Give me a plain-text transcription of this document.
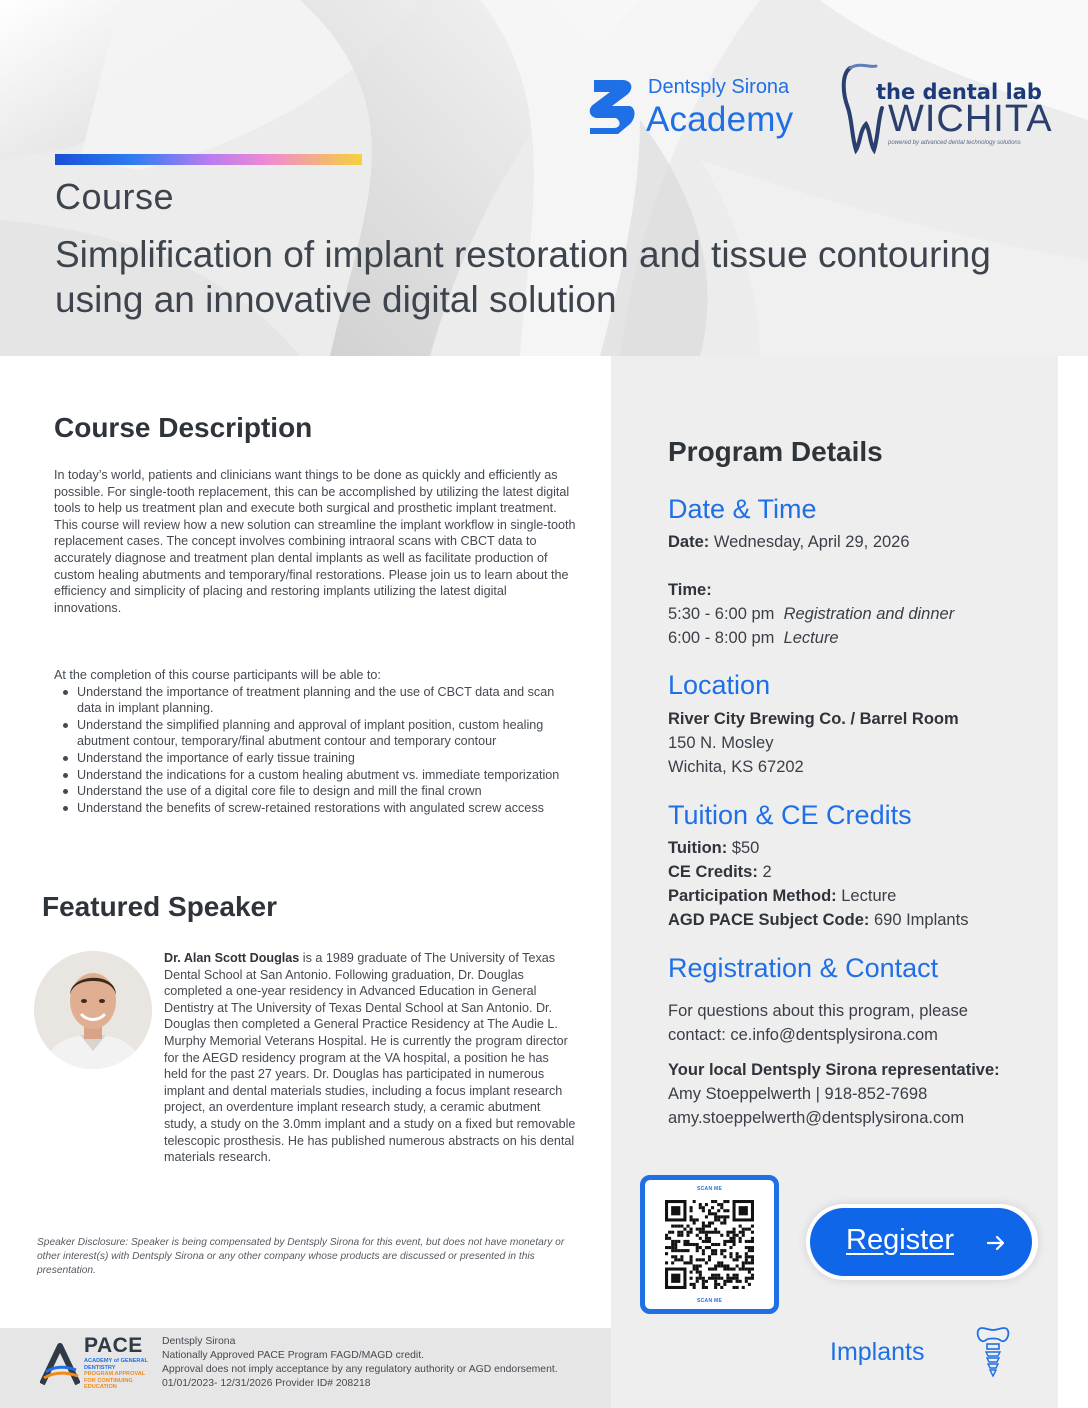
Dentsply Sirona
Academy
the dental lab
WICHITA
powered by advanced dental technology solutions
Course
Simplification of implant restoration and tissue contouring using an innovative digital solution
Course Description

In today’s world, patients and clinicians want things to be done as quickly and efficiently as possible. For single-tooth replacement, this can be accomplished by utilizing the latest digital tools to help us treatment plan and execute both surgical and prosthetic implant treatment. This course will review how a new solution can streamline the implant workflow in single-tooth replacement cases. The concept involves combining intraoral scans with CBCT data to accurately diagnose and treatment plan dental implants as well as facilitate production of custom healing abutments and temporary/final restorations. Please join us to learn about the efficiency and simplicity of placing and restoring implants utilizing the latest digital innovations.

At the completion of this course participants will be able to:
Understand the importance of treatment planning and the use of CBCT data and scan data in implant planning.
Understand the simplified planning and approval of implant position, custom healing abutment contour, temporary/final abutment contour and temporary contour
Understand the importance of early tissue training
Understand the indications for a custom healing abutment vs. immediate temporization
Understand the use of a digital core file to design and mill the final crown
Understand the benefits of screw-retained restorations with angulated screw access
Featured Speaker
Dr. Alan Scott Douglas is a 1989 graduate of The University of Texas Dental School at San Antonio. Following graduation, Dr. Douglas completed a one-year residency in Advanced Education in General Dentistry at The University of Texas Dental School at San Antonio. Dr. Douglas then completed a General Practice Residency at The Audie L. Murphy Memorial Veterans Hospital. He is currently the program director for the AEGD residency program at the VA hospital, a position he has held for the past 27 years. Dr. Douglas has participated in numerous implant and dental materials studies, including a focus implant research project, an overdenture implant research study, a ceramic abutment study, a study on the 3.0mm implant and a study on a fixed but removable telescopic prosthesis. He has published numerous abstracts on his dental materials research.
Speaker Disclosure: Speaker is being compensated by Dentsply Sirona for this event, but does not have monetary or other interest(s) with Dentsply Sirona or any other company whose products are discussed or presented in this presentation.
Program Details
Date & Time
Date: Wednesday, April 29, 2026
Time:
5:30 - 6:00 pm Registration and dinner
6:00 - 8:00 pm Lecture
Location
River City Brewing Co. / Barrel Room
150 N. Mosley
Wichita, KS 67202
Tuition & CE Credits
Tuition: $50
CE Credits: 2
Participation Method: Lecture
AGD PACE Subject Code: 690 Implants
Registration & Contact
For questions about this program, please
contact: ce.info@dentsplysirona.com
Your local Dentsply Sirona representative:
Amy Stoeppelwerth | 918-852-7698
amy.stoeppelwerth@dentsplysirona.com
SCAN ME
SCAN ME
Register
PACE
ACADEMY of GENERAL DENTISTRY
PROGRAM APPROVAL FOR CONTINUING EDUCATION
Dentsply Sirona
Nationally Approved PACE Program FAGD/MAGD credit.
Approval does not imply acceptance by any regulatory authority or AGD endorsement.
01/01/2023- 12/31/2026 Provider ID# 208218
Implants
